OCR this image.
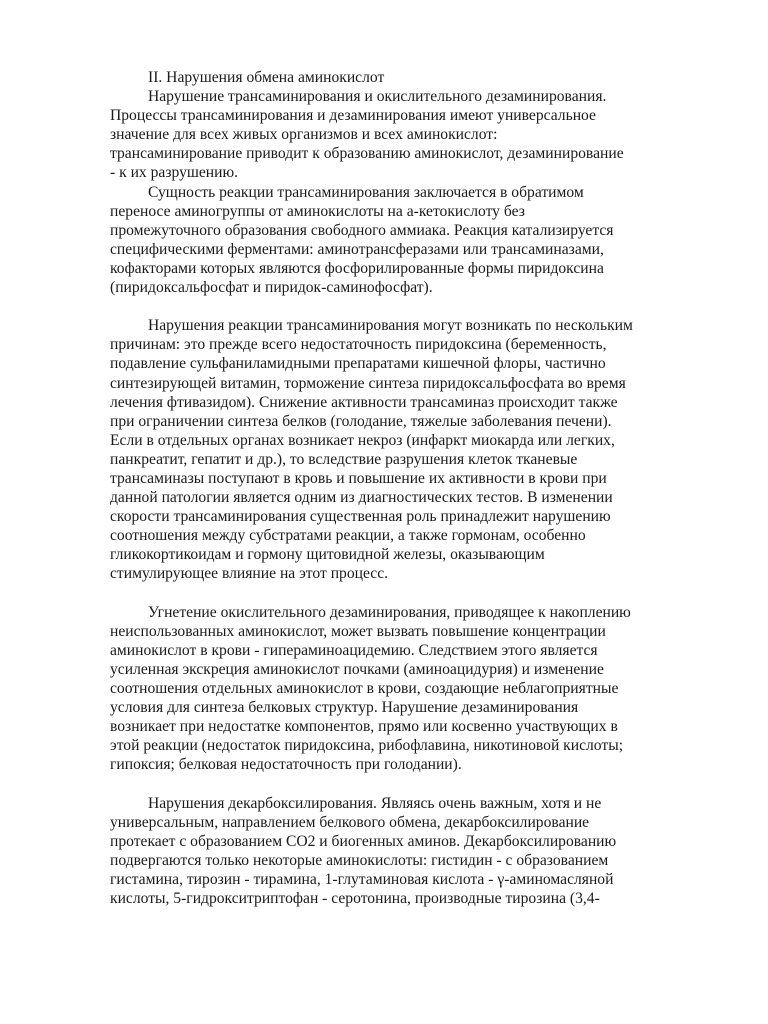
II. Нарушения обмена аминокислот
Нарушение трансаминирования и окислительного дезаминирования.
Процессы трансаминирования и дезаминирования имеют универсальное
значение для всех живых организмов и всех аминокислот:
трансаминирование приводит к образованию аминокислот, дезаминирование
- к их разрушению.
Сущность реакции трансаминирования заключается в обратимом
переносе аминогруппы от аминокислоты на а-кетокислоту без
промежуточного образования свободного аммиака. Реакция катализируется
специфическими ферментами: аминотрансферазами или трансаминазами,
кофакторами которых являются фосфорилированные формы пиридоксина
(пиридоксальфосфат и пиридок-саминофосфат).
Нарушения реакции трансаминирования могут возникать по нескольким
причинам: это прежде всего недостаточность пиридоксина (беременность,
подавление сульфаниламидными препаратами кишечной флоры, частично
синтезирующей витамин, торможение синтеза пиридоксальфосфата во время
лечения фтивазидом). Снижение активности трансаминаз происходит также
при ограничении синтеза белков (голодание, тяжелые заболевания печени).
Если в отдельных органах возникает некроз (инфаркт миокарда или легких,
панкреатит, гепатит и др.), то вследствие разрушения клеток тканевые
трансаминазы поступают в кровь и повышение их активности в крови при
данной патологии является одним из диагностических тестов. В изменении
скорости трансаминирования существенная роль принадлежит нарушению
соотношения между субстратами реакции, а также гормонам, особенно
гликокортикоидам и гормону щитовидной железы, оказывающим
стимулирующее влияние на этот процесс.
Угнетение окислительного дезаминирования, приводящее к накоплению
неиспользованных аминокислот, может вызвать повышение концентрации
аминокислот в крови - гипераминоацидемию. Следствием этого является
усиленная экскреция аминокислот почками (аминоацидурия) и изменение
соотношения отдельных аминокислот в крови, создающие неблагоприятные
условия для синтеза белковых структур. Нарушение дезаминирования
возникает при недостатке компонентов, прямо или косвенно участвующих в
этой реакции (недостаток пиридоксина, рибофлавина, никотиновой кислоты;
гипоксия; белковая недостаточность при голодании).
Нарушения декарбоксилирования. Являясь очень важным, хотя и не
универсальным, направлением белкового обмена, декарбоксилирование
протекает с образованием СО2 и биогенных аминов. Декарбоксилированию
подвергаются только некоторые аминокислоты: гистидин - с образованием
гистамина, тирозин - тирамина, 1-глутаминовая кислота - γ-аминомасляной
кислоты, 5-гидрокситриптофан - серотонина, производные тирозина (3,4-
